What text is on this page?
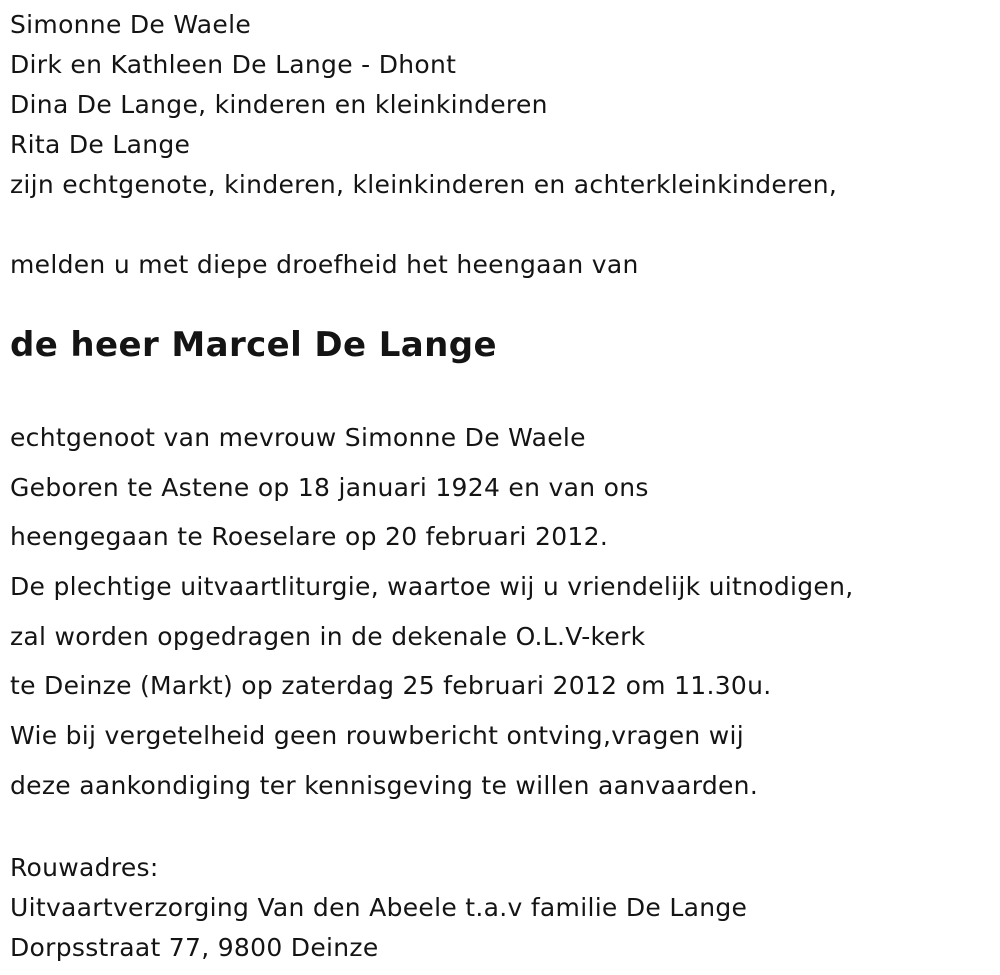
Simonne De Waele
Dirk en Kathleen De Lange - Dhont
Dina De Lange, kinderen en kleinkinderen
Rita De Lange
zijn echtgenote, kinderen, kleinkinderen en achterkleinkinderen,
melden u met diepe droefheid het heengaan van
de heer Marcel De Lange
echtgenoot van mevrouw Simonne De Waele
Geboren te Astene op 18 januari 1924 en van ons
heengegaan te Roeselare op 20 februari 2012.
De plechtige uitvaartliturgie, waartoe wij u vriendelijk uitnodigen,
zal worden opgedragen in de dekenale O.L.V-kerk
te Deinze (Markt) op zaterdag 25 februari 2012 om 11.30u.
Wie bij vergetelheid geen rouwbericht ontving,vragen wij
deze aankondiging ter kennisgeving te willen aanvaarden.
Rouwadres:
Uitvaartverzorging Van den Abeele t.a.v familie De Lange
Dorpsstraat 77, 9800 Deinze
